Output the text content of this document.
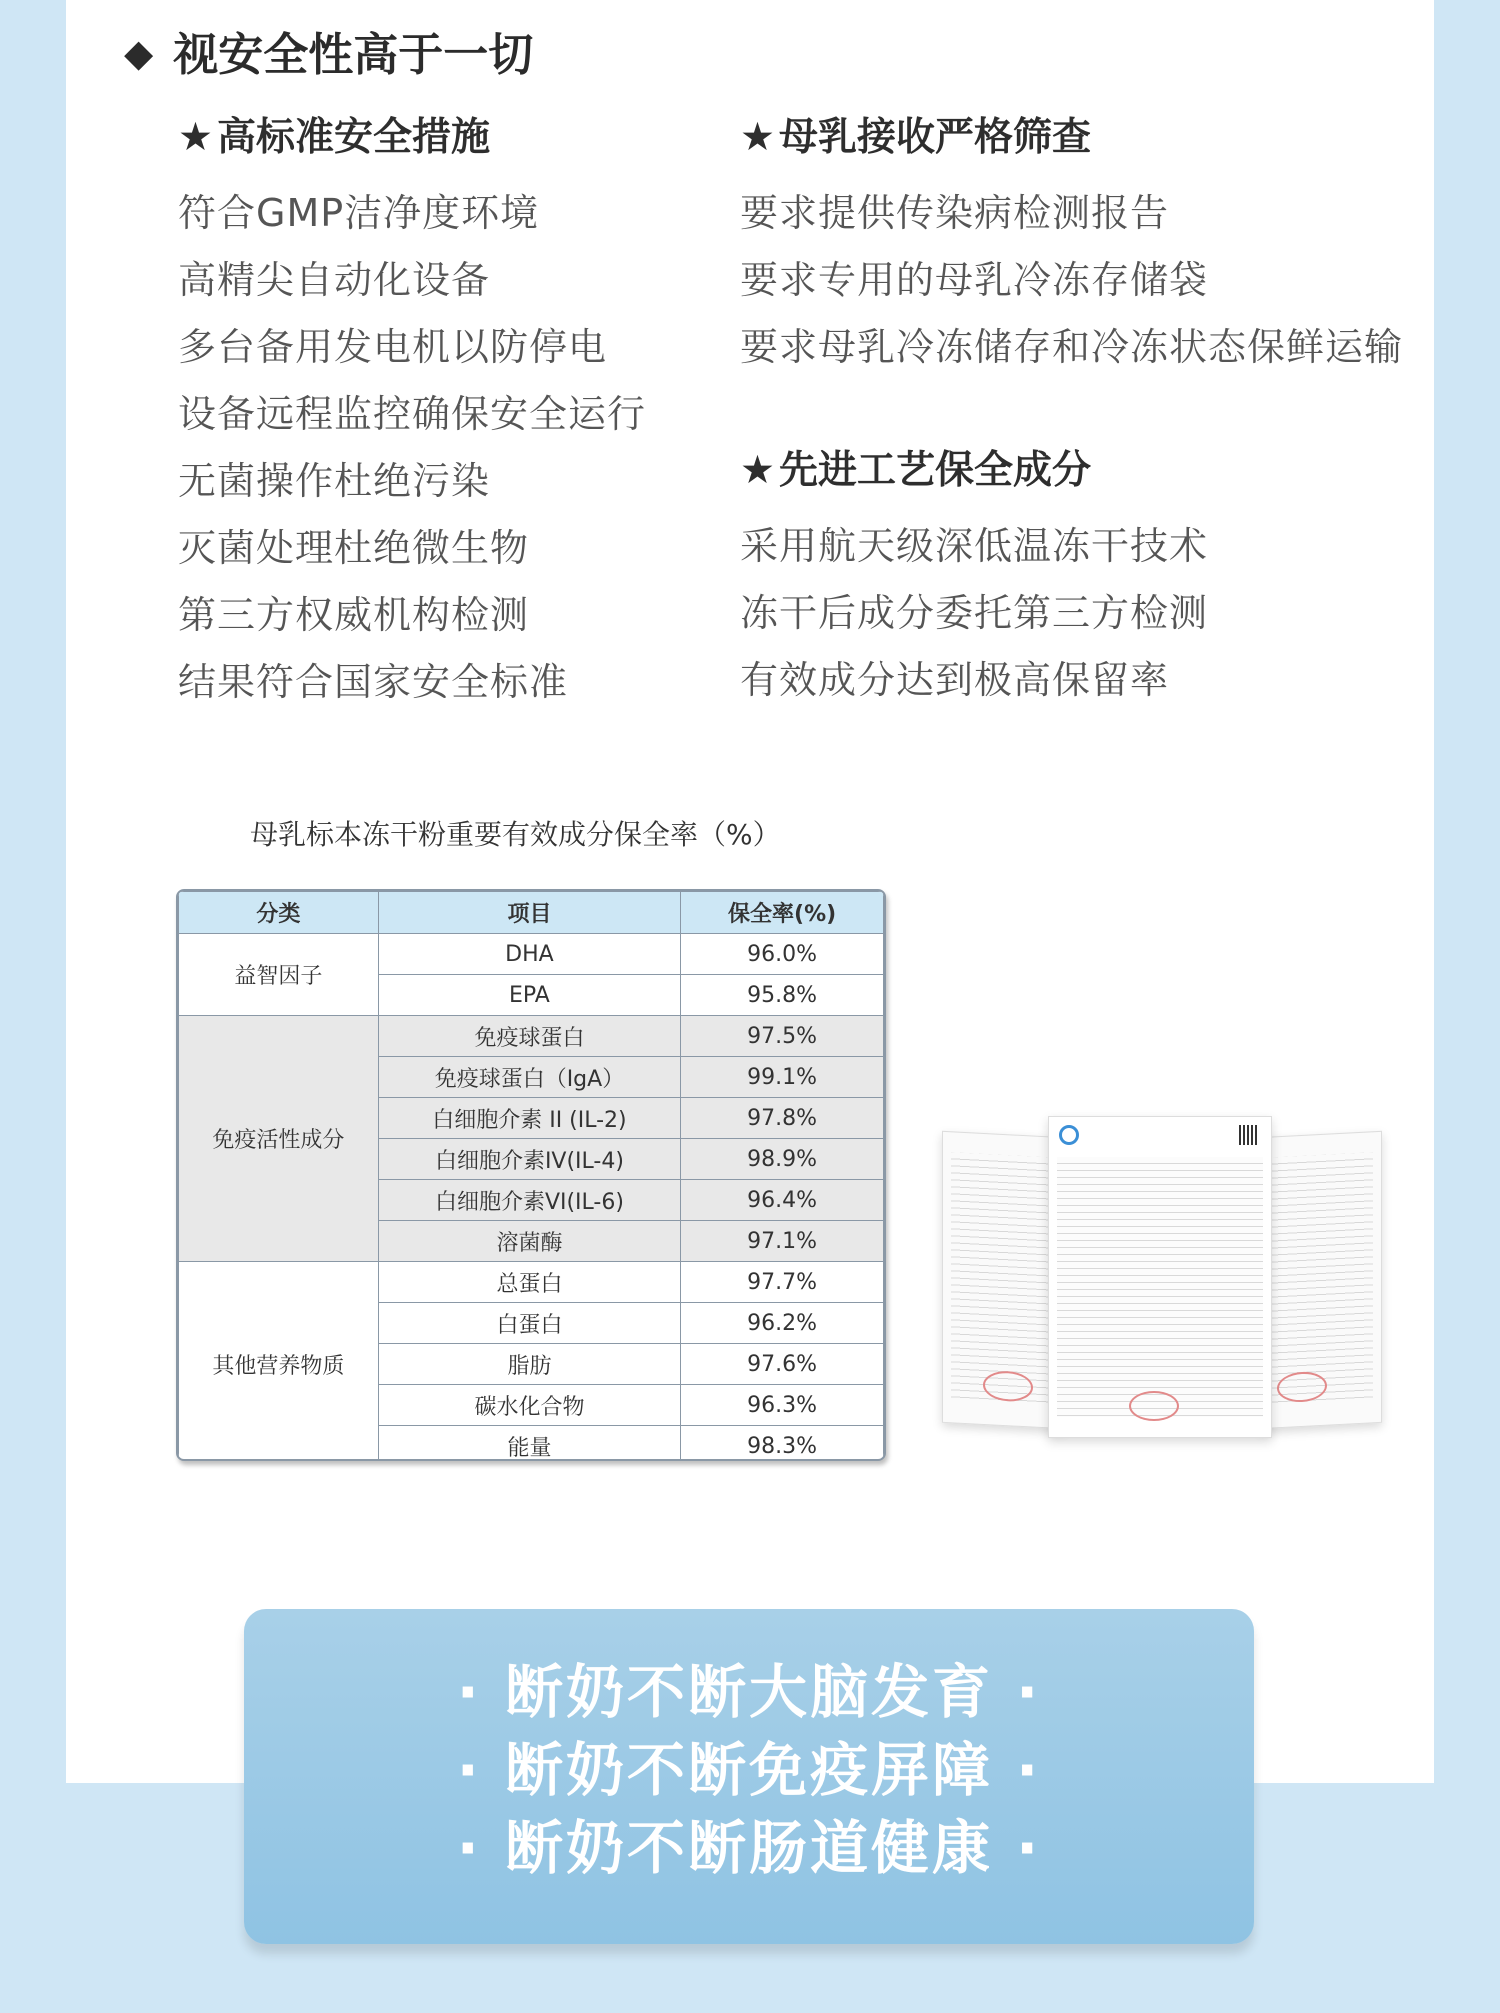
◆ 视安全性高于一切
★ 高标准安全措施
符合GMP洁净度环境
高精尖自动化设备
多台备用发电机以防停电
设备远程监控确保安全运行
无菌操作杜绝污染
灭菌处理杜绝微生物
第三方权威机构检测
结果符合国家安全标准
★ 母乳接收严格筛查
要求提供传染病检测报告
要求专用的母乳冷冻存储袋
要求母乳冷冻储存和冷冻状态保鲜运输
★ 先进工艺保全成分
采用航天级深低温冻干技术
冻干后成分委托第三方检测
有效成分达到极高保留率
母乳标本冻干粉重要有效成分保全率（%）
分类	项目	保全率(%)
益智因子	DHA	96.0%
	EPA	95.8%
免疫活性成分	免疫球蛋白	97.5%
	免疫球蛋白（IgA）	99.1%
	白细胞介素 II (IL-2)	97.8%
	白细胞介素IV(IL-4)	98.9%
	白细胞介素VI(IL-6)	96.4%
	溶菌酶	97.1%
其他营养物质	总蛋白	97.7%
	白蛋白	96.2%
	脂肪	97.6%
	碳水化合物	96.3%
	能量	98.3%
· 断奶不断大脑发育 ·
· 断奶不断免疫屏障 ·
· 断奶不断肠道健康 ·
